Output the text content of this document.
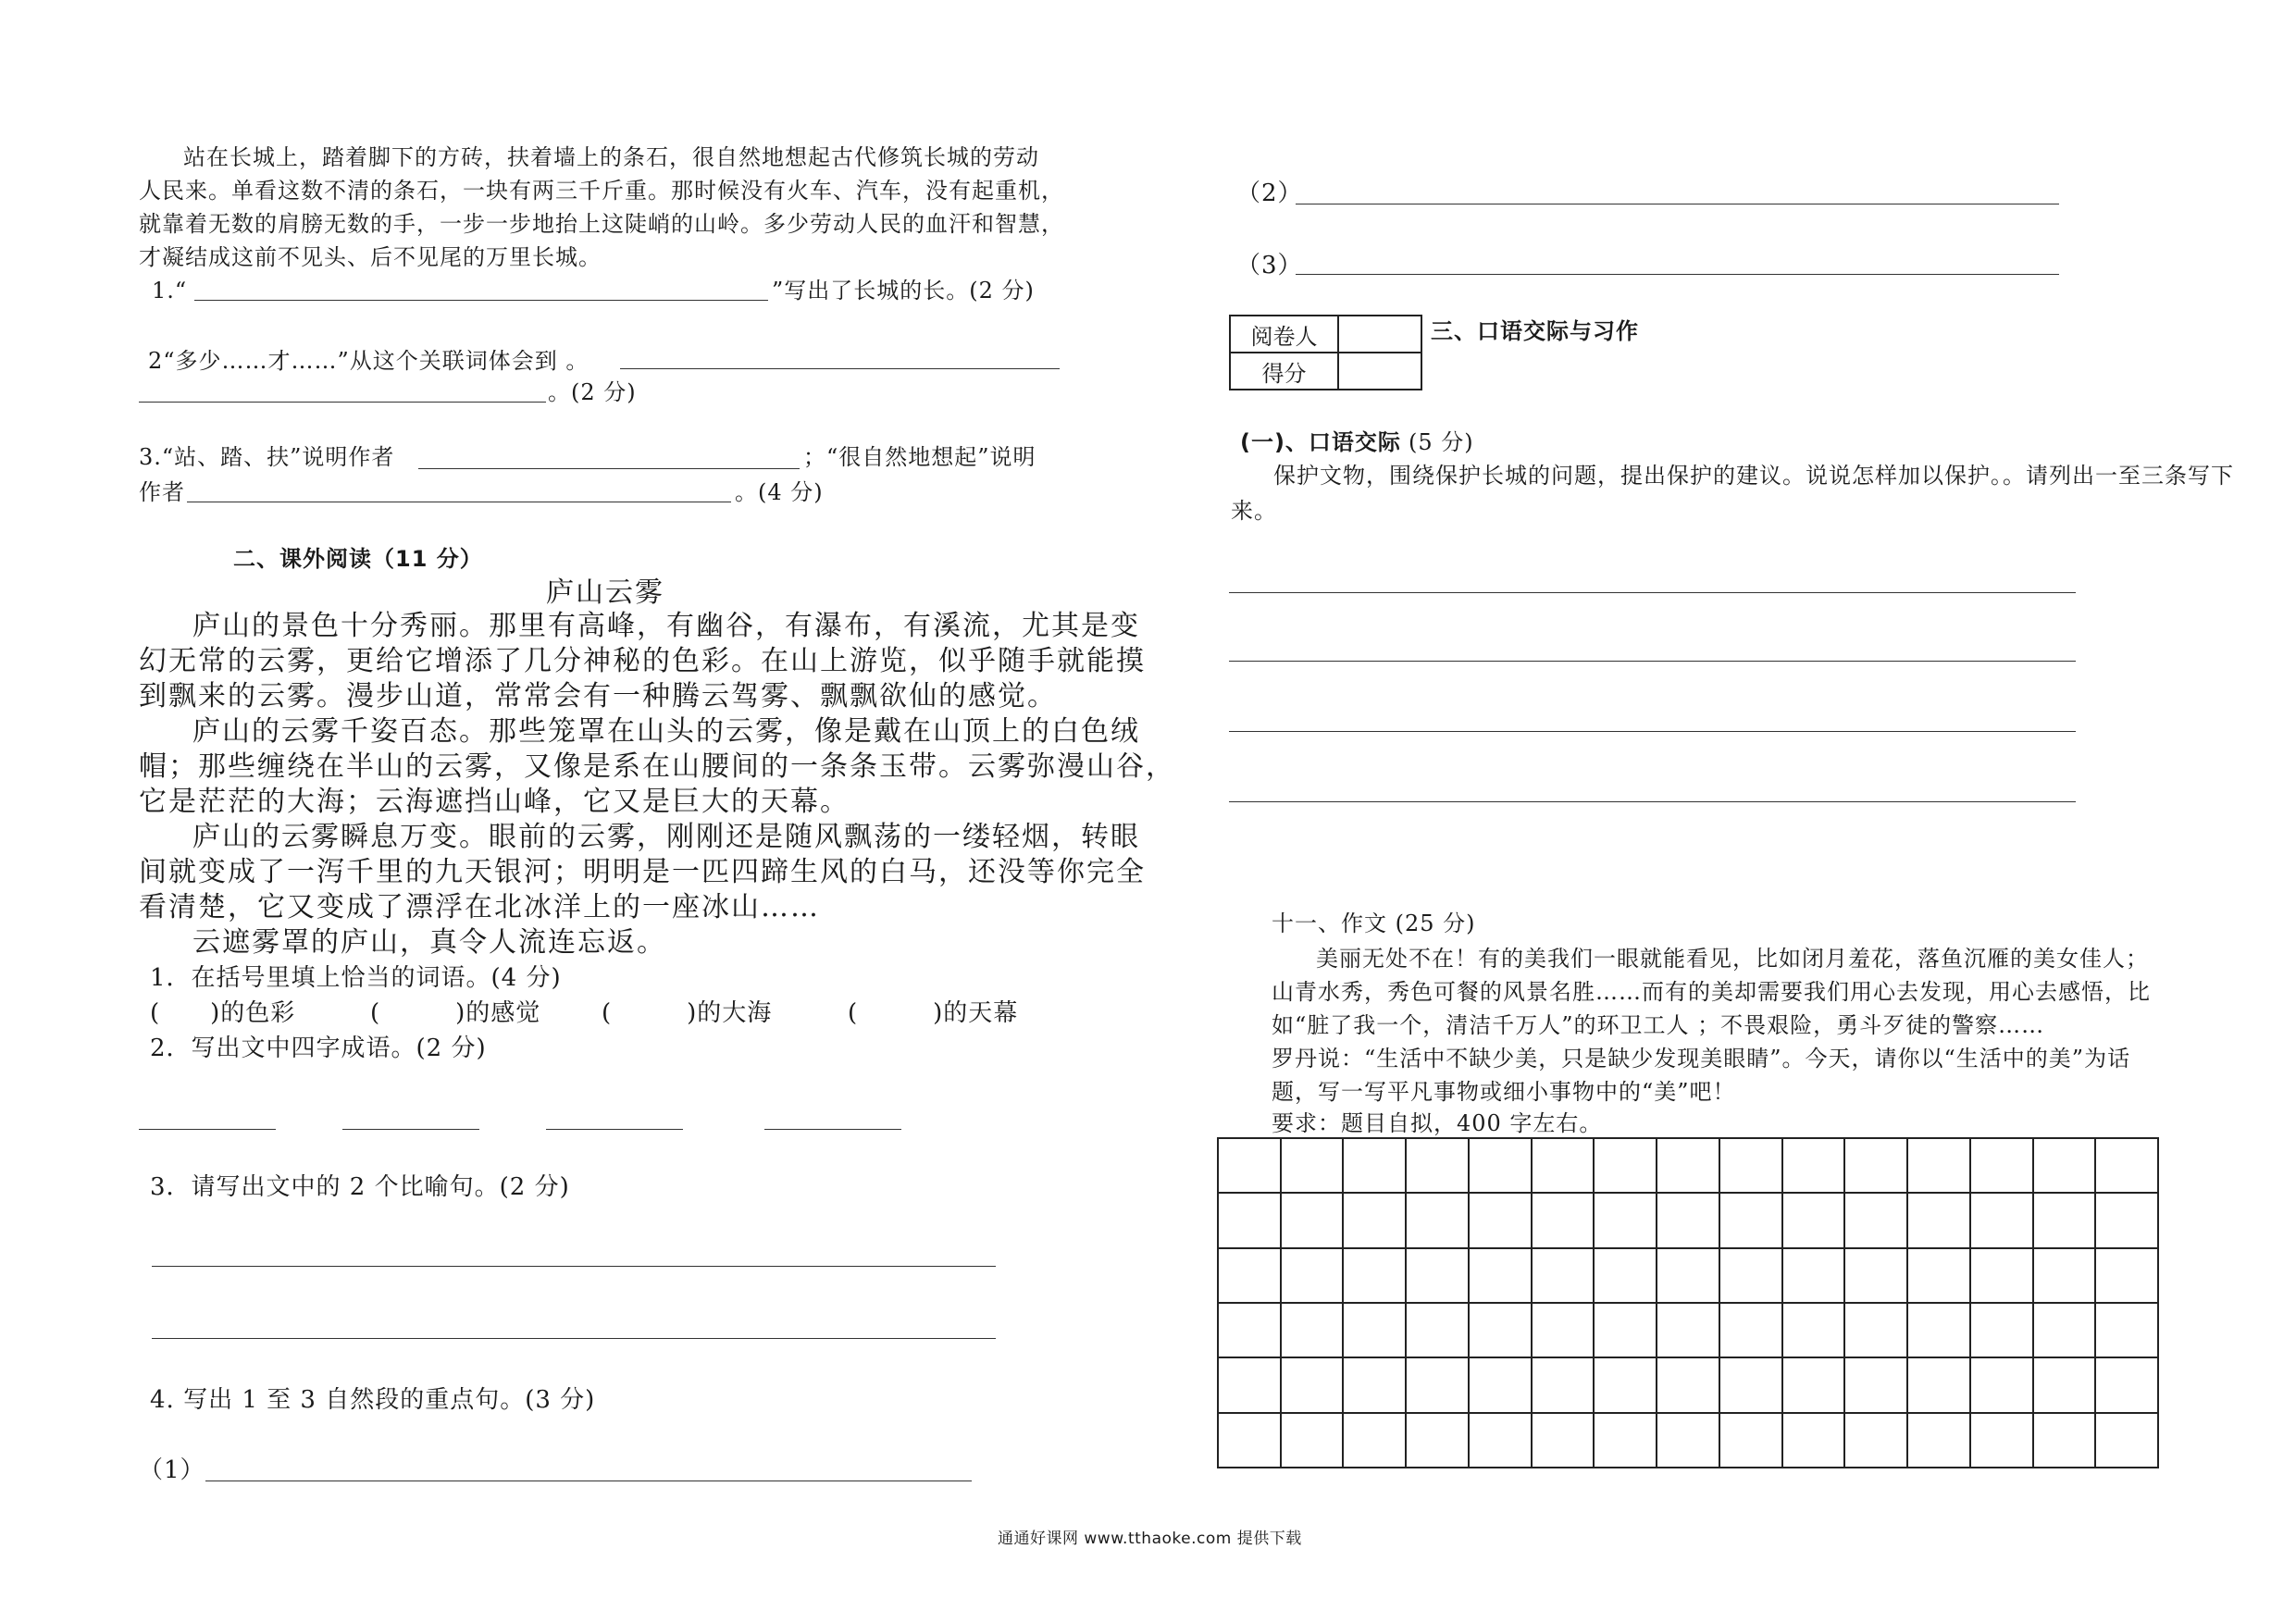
站在长城上，踏着脚下的方砖，扶着墙上的条石，很自然地想起古代修筑长城的劳动
人民来。单看这数不清的条石，一块有两三千斤重。那时候没有火车、汽车，没有起重机，
就靠着无数的肩膀无数的手，一步一步地抬上这陡峭的山岭。多少劳动人民的血汗和智慧，
才凝结成这前不见头、后不见尾的万里长城。
1.“	”写出了长城的长。(2 分)
2“多少……才……”从这个关联词体会到 。
。(2 分)
3.“站、踏、扶”说明作者	；“很自然地想起”说明
作者	。(4 分)
二、课外阅读（11 分）
庐山云雾
庐山的景色十分秀丽。那里有高峰，有幽谷，有瀑布，有溪流，尤其是变
幻无常的云雾，更给它增添了几分神秘的色彩。在山上游览，似乎随手就能摸
到飘来的云雾。漫步山道，常常会有一种腾云驾雾、飘飘欲仙的感觉。
庐山的云雾千姿百态。那些笼罩在山头的云雾，像是戴在山顶上的白色绒
帽；那些缠绕在半山的云雾，又像是系在山腰间的一条条玉带。云雾弥漫山谷，
它是茫茫的大海；云海遮挡山峰，它又是巨大的天幕。
庐山的云雾瞬息万变。眼前的云雾，刚刚还是随风飘荡的一缕轻烟，转眼
间就变成了一泻千里的九天银河；明明是一匹四蹄生风的白马，还没等你完全
看清楚，它又变成了漂浮在北冰洋上的一座冰山……
云遮雾罩的庐山，真令人流连忘返。
1．在括号里填上恰当的词语。(4 分)
(　　)的色彩	(　　　)的感觉	(　　　)的大海	(　　　)的天幕
2．写出文中四字成语。(2 分)
3．请写出文中的 2 个比喻句。(2 分)
4. 写出 1 至 3 自然段的重点句。(3 分)
（1）
（2）
（3）
阅卷人	
得分	
三、口语交际与习作
(一)、口语交际 (5 分)
保护文物，围绕保护长城的问题，提出保护的建议。说说怎样加以保护。。请列出一至三条写下
来。
十一、作文 (25 分)
美丽无处不在！有的美我们一眼就能看见，比如闭月羞花，落鱼沉雁的美女佳人；
山青水秀，秀色可餐的风景名胜……而有的美却需要我们用心去发现，用心去感悟，比
如“脏了我一个，清洁千万人”的环卫工人 ；不畏艰险，勇斗歹徒的警察……
罗丹说：“生活中不缺少美，只是缺少发现美眼睛”。今天，请你以“生活中的美”为话
题，写一写平凡事物或细小事物中的“美”吧！
要求：题目自拟，400 字左右。
通通好课网 www.tthaoke.com 提供下载
